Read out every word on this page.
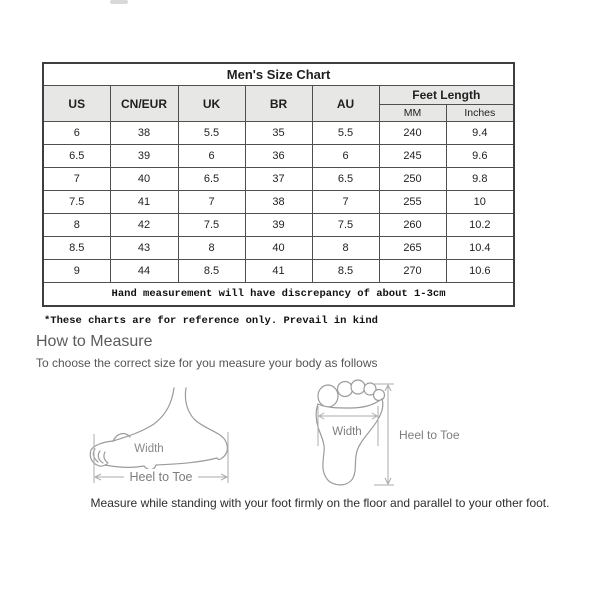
Men's Size Chart						
US	CN/EUR	UK	BR	AU	Feet Length	
					MM	Inches
6	38	5.5	35	5.5	240	9.4
6.5	39	6	36	6	245	9.6
7	40	6.5	37	6.5	250	9.8
7.5	41	7	38	7	255	10
8	42	7.5	39	7.5	260	10.2
8.5	43	8	40	8	265	10.4
9	44	8.5	41	8.5	270	10.6
Hand measurement will have discrepancy of about 1-3cm						
*These charts are for reference only. Prevail in kind
How to Measure
To choose the correct size for you measure your body as follows
Heel to Toe
Width
Width	Heel to Toe
Measure while standing with your foot firmly on the floor and parallel to your other foot.
